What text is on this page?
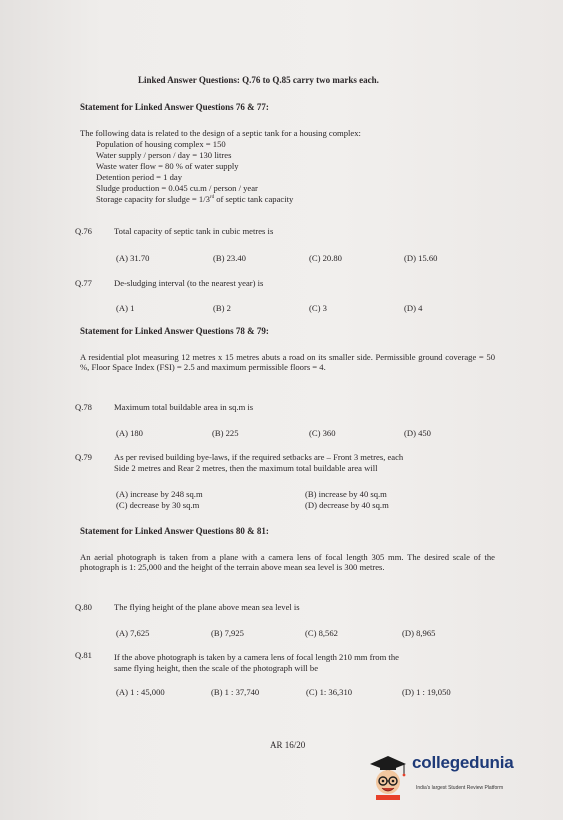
Linked Answer Questions: Q.76 to Q.85 carry two marks each.
Statement for Linked Answer Questions 76 & 77:
The following data is related to the design of a septic tank for a housing complex:
Population of housing complex = 150
Water supply / person / day = 130 litres
Waste water flow = 80 % of water supply
Detention period = 1 day
Sludge production = 0.045 cu.m / person / year
Storage capacity for sludge = 1/3rd of septic tank capacity
Q.76	Total capacity of septic tank in cubic metres is
(A) 31.70	(B) 23.40	(C) 20.80	(D) 15.60
Q.77	De-sludging interval (to the nearest year) is
(A) 1	(B) 2	(C) 3	(D) 4
Statement for Linked Answer Questions 78 & 79:
A residential plot measuring 12 metres x 15 metres abuts a road on its smaller side. Permissible ground coverage = 50 %, Floor Space Index (FSI) = 2.5 and maximum permissible floors = 4.
Q.78	Maximum total buildable area in sq.m is
(A) 180	(B) 225	(C) 360	(D) 450
Q.79	As per revised building bye-laws, if the required setbacks are – Front 3 metres, each
Side 2 metres and Rear 2 metres, then the maximum total buildable area will
(A) increase by 248 sq.m	(B) increase by 40 sq.m
(C) decrease by 30 sq.m	(D) decrease by 40 sq.m
Statement for Linked Answer Questions 80 & 81:
An aerial photograph is taken from a plane with a camera lens of focal length 305 mm. The desired scale of the photograph is 1: 25,000 and the height of the terrain above mean sea level is 300 metres.
Q.80	The flying height of the plane above mean sea level is
(A) 7,625	(B) 7,925	(C) 8,562	(D) 8,965
Q.81	If the above photograph is taken by a camera lens of focal length 210 mm from the
same flying height, then the scale of the photograph will be
(A) 1 : 45,000	(B) 1 : 37,740	(C) 1: 36,310	(D) 1 : 19,050
AR 16/20
collegedunia
India's largest Student Review Platform
